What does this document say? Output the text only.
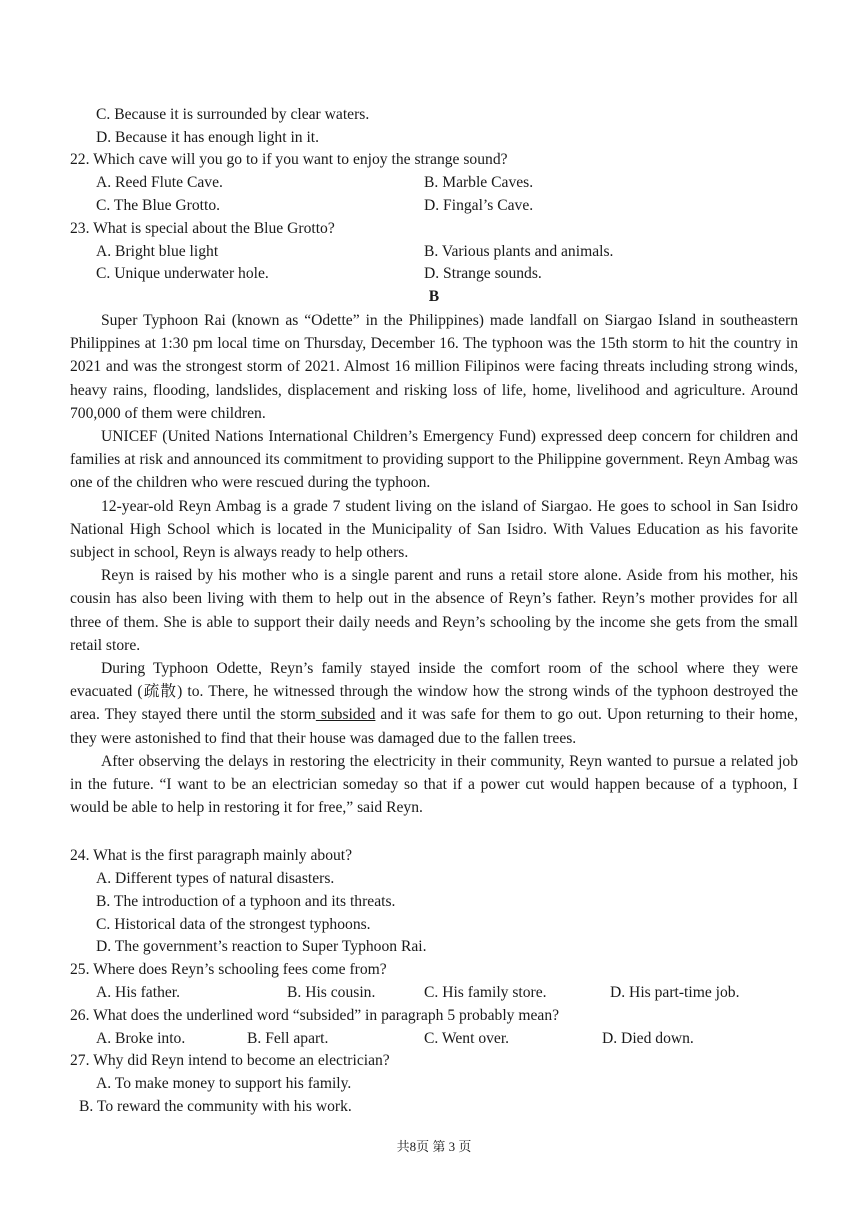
C. Because it is surrounded by clear waters.
D. Because it has enough light in it.
22. Which cave will you go to if you want to enjoy the strange sound?
A. Reed Flute Cave.	B. Marble Caves.
C. The Blue Grotto.	D. Fingal’s Cave.
23. What is special about the Blue Grotto?
A. Bright blue light	B. Various plants and animals.
C. Unique underwater hole.	D. Strange sounds.
B
Super Typhoon Rai (known as “Odette” in the Philippines) made landfall on Siargao Island in southeastern Philippines at 1:30 pm local time on Thursday, December 16. The typhoon was the 15th storm to hit the country in 2021 and was the strongest storm of 2021. Almost 16 million Filipinos were facing threats including strong winds, heavy rains, flooding, landslides, displacement and risking loss of life, home, livelihood and agriculture. Around 700,000 of them were children.
UNICEF (United Nations International Children’s Emergency Fund) expressed deep concern for children and families at risk and announced its commitment to providing support to the Philippine government. Reyn Ambag was one of the children who were rescued during the typhoon.
12-year-old Reyn Ambag is a grade 7 student living on the island of Siargao. He goes to school in San Isidro National High School which is located in the Municipality of San Isidro. With Values Education as his favorite subject in school, Reyn is always ready to help others.
Reyn is raised by his mother who is a single parent and runs a retail store alone. Aside from his mother, his cousin has also been living with them to help out in the absence of Reyn’s father. Reyn’s mother provides for all three of them. She is able to support their daily needs and Reyn’s schooling by the income she gets from the small retail store.
During Typhoon Odette, Reyn’s family stayed inside the comfort room of the school where they were evacuated (疏散) to. There, he witnessed through the window how the strong winds of the typhoon destroyed the area. They stayed there until the storm subsided and it was safe for them to go out. Upon returning to their home, they were astonished to find that their house was damaged due to the fallen trees.
After observing the delays in restoring the electricity in their community, Reyn wanted to pursue a related job in the future. “I want to be an electrician someday so that if a power cut would happen because of a typhoon, I would be able to help in restoring it for free,” said Reyn.
24. What is the first paragraph mainly about?
A. Different types of natural disasters.
B. The introduction of a typhoon and its threats.
C. Historical data of the strongest typhoons.
D. The government’s reaction to Super Typhoon Rai.
25. Where does Reyn’s schooling fees come from?
A. His father.	B. His cousin.	C. His family store.	D. His part-time job.
26. What does the underlined word “subsided” in paragraph 5 probably mean?
A. Broke into.	B. Fell apart.	C. Went over.	D. Died down.
27. Why did Reyn intend to become an electrician?
A. To make money to support his family.
B. To reward the community with his work.
共8页 第 3 页
